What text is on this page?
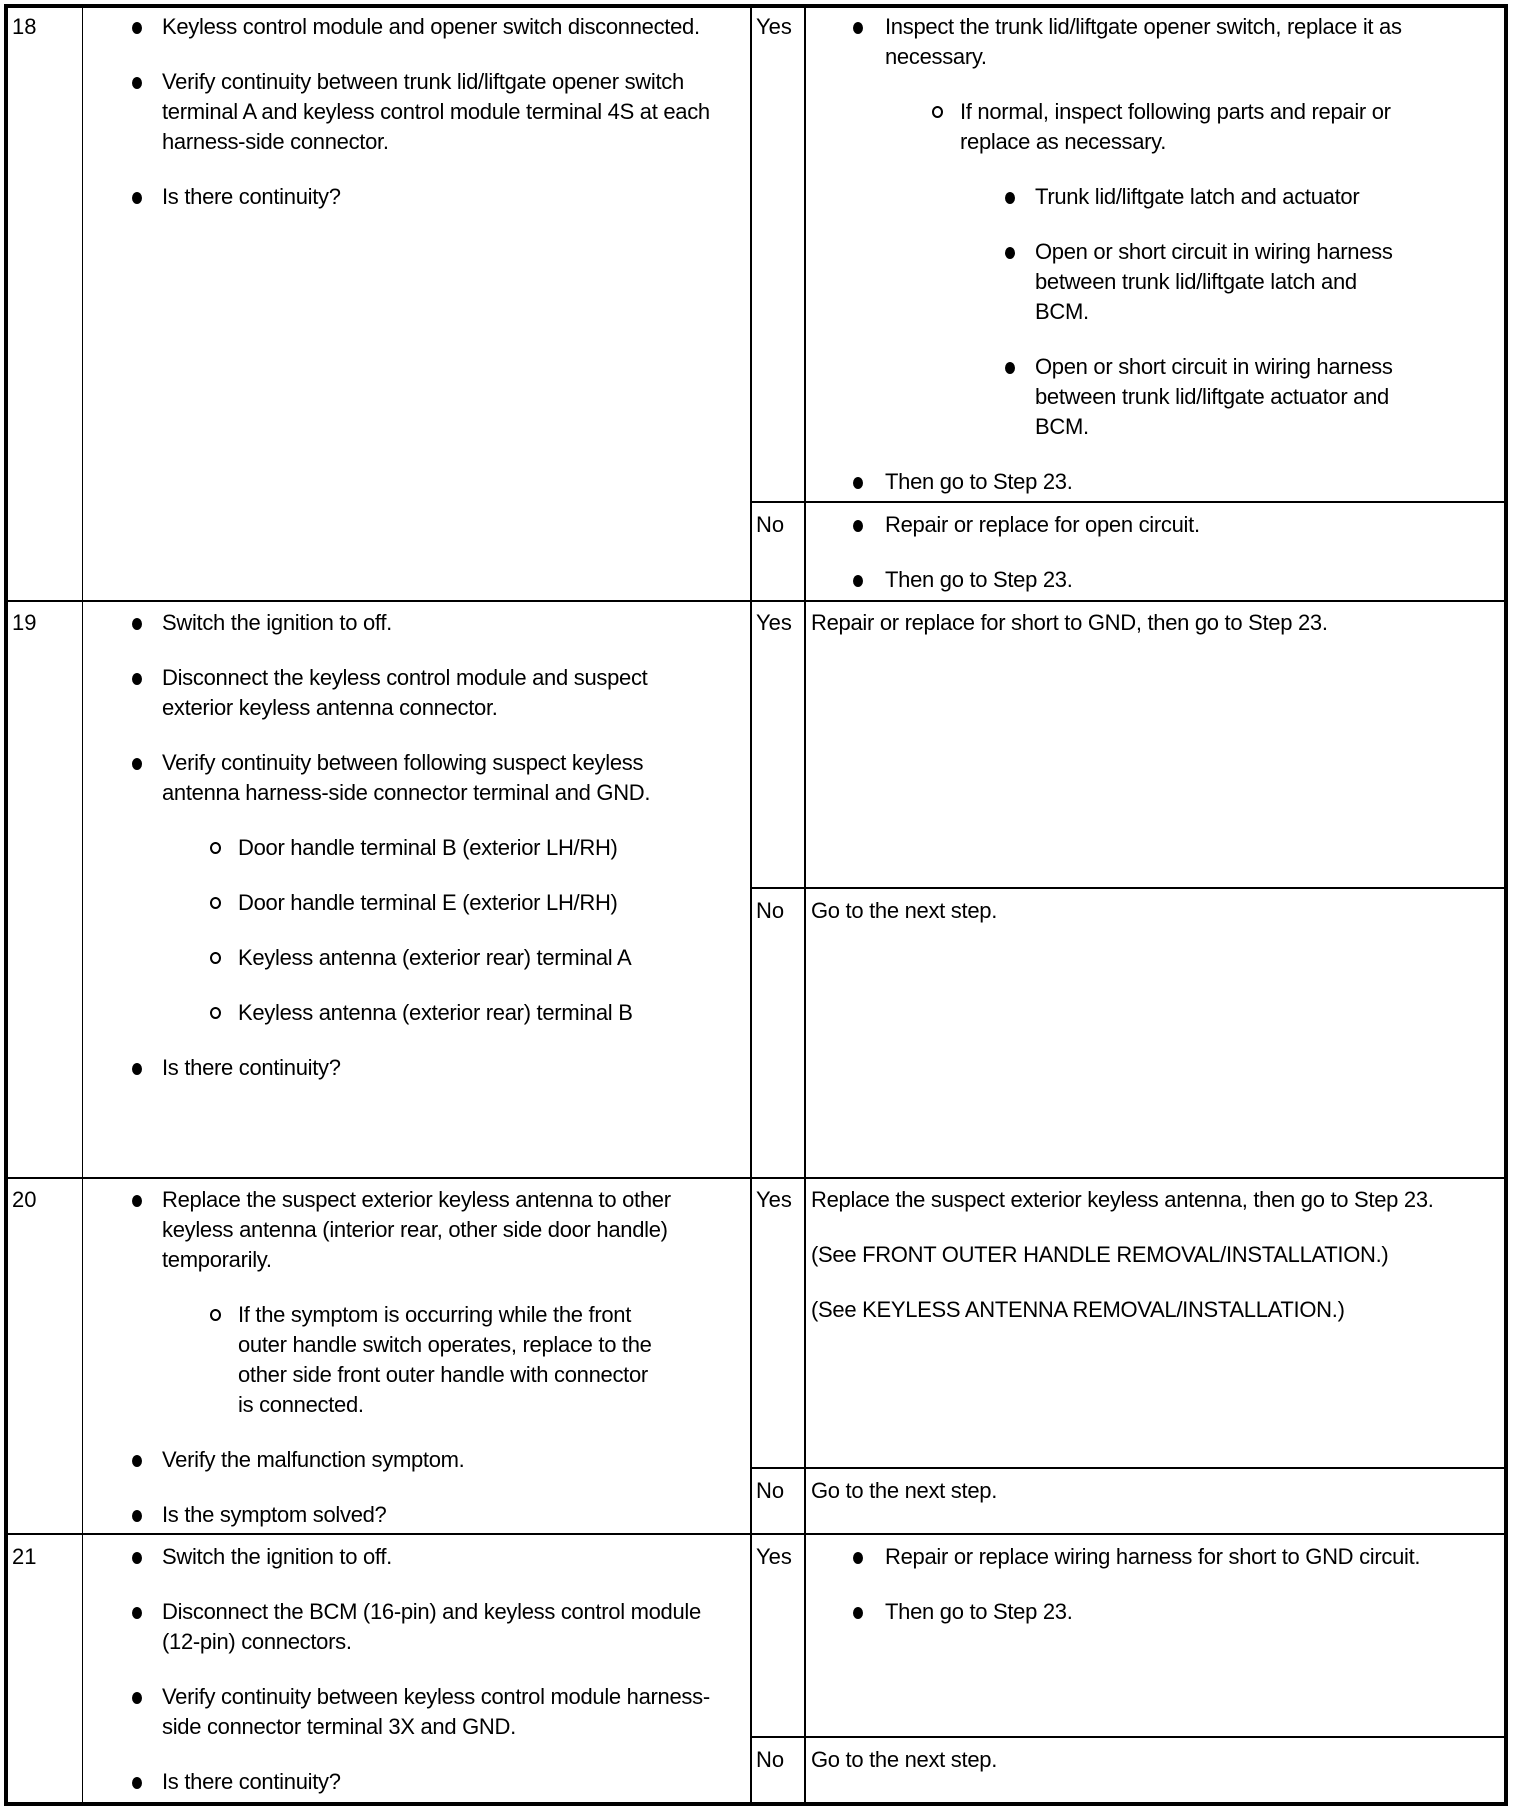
18	Keyless control module and opener switch disconnected.
Verify continuity between trunk lid/liftgate opener switch terminal A and keyless control module terminal 4S at each harness-side connector.
Is there continuity?
Yes	Inspect the trunk lid/liftgate opener switch, replace it as necessary.
If normal, inspect following parts and repair or replace as necessary.
Trunk lid/liftgate latch and actuator
Open or short circuit in wiring harness between trunk lid/liftgate latch and BCM.
Open or short circuit in wiring harness between trunk lid/liftgate actuator and BCM.
Then go to Step 23.
No	Repair or replace for open circuit.
Then go to Step 23.
19	Switch the ignition to off.
Disconnect the keyless control module and suspect exterior keyless antenna connector.
Verify continuity between following suspect keyless antenna harness-side connector terminal and GND.
Door handle terminal B (exterior LH/RH)
Door handle terminal E (exterior LH/RH)
Keyless antenna (exterior rear) terminal A
Keyless antenna (exterior rear) terminal B
Is there continuity?
Yes Repair or replace for short to GND, then go to Step 23.
No Go to the next step.
20	Replace the suspect exterior keyless antenna to other keyless antenna (interior rear, other side door handle) temporarily.
If the symptom is occurring while the front outer handle switch operates, replace to the other side front outer handle with connector is connected.
Verify the malfunction symptom.
Is the symptom solved?
Yes Replace the suspect exterior keyless antenna, then go to Step 23.
(See FRONT OUTER HANDLE REMOVAL/INSTALLATION.)
(See KEYLESS ANTENNA REMOVAL/INSTALLATION.)
No Go to the next step.
21	Switch the ignition to off.
Disconnect the BCM (16-pin) and keyless control module (12-pin) connectors.
Verify continuity between keyless control module harness-side connector terminal 3X and GND.
Is there continuity?
Yes	Repair or replace wiring harness for short to GND circuit.
Then go to Step 23.
No Go to the next step.
